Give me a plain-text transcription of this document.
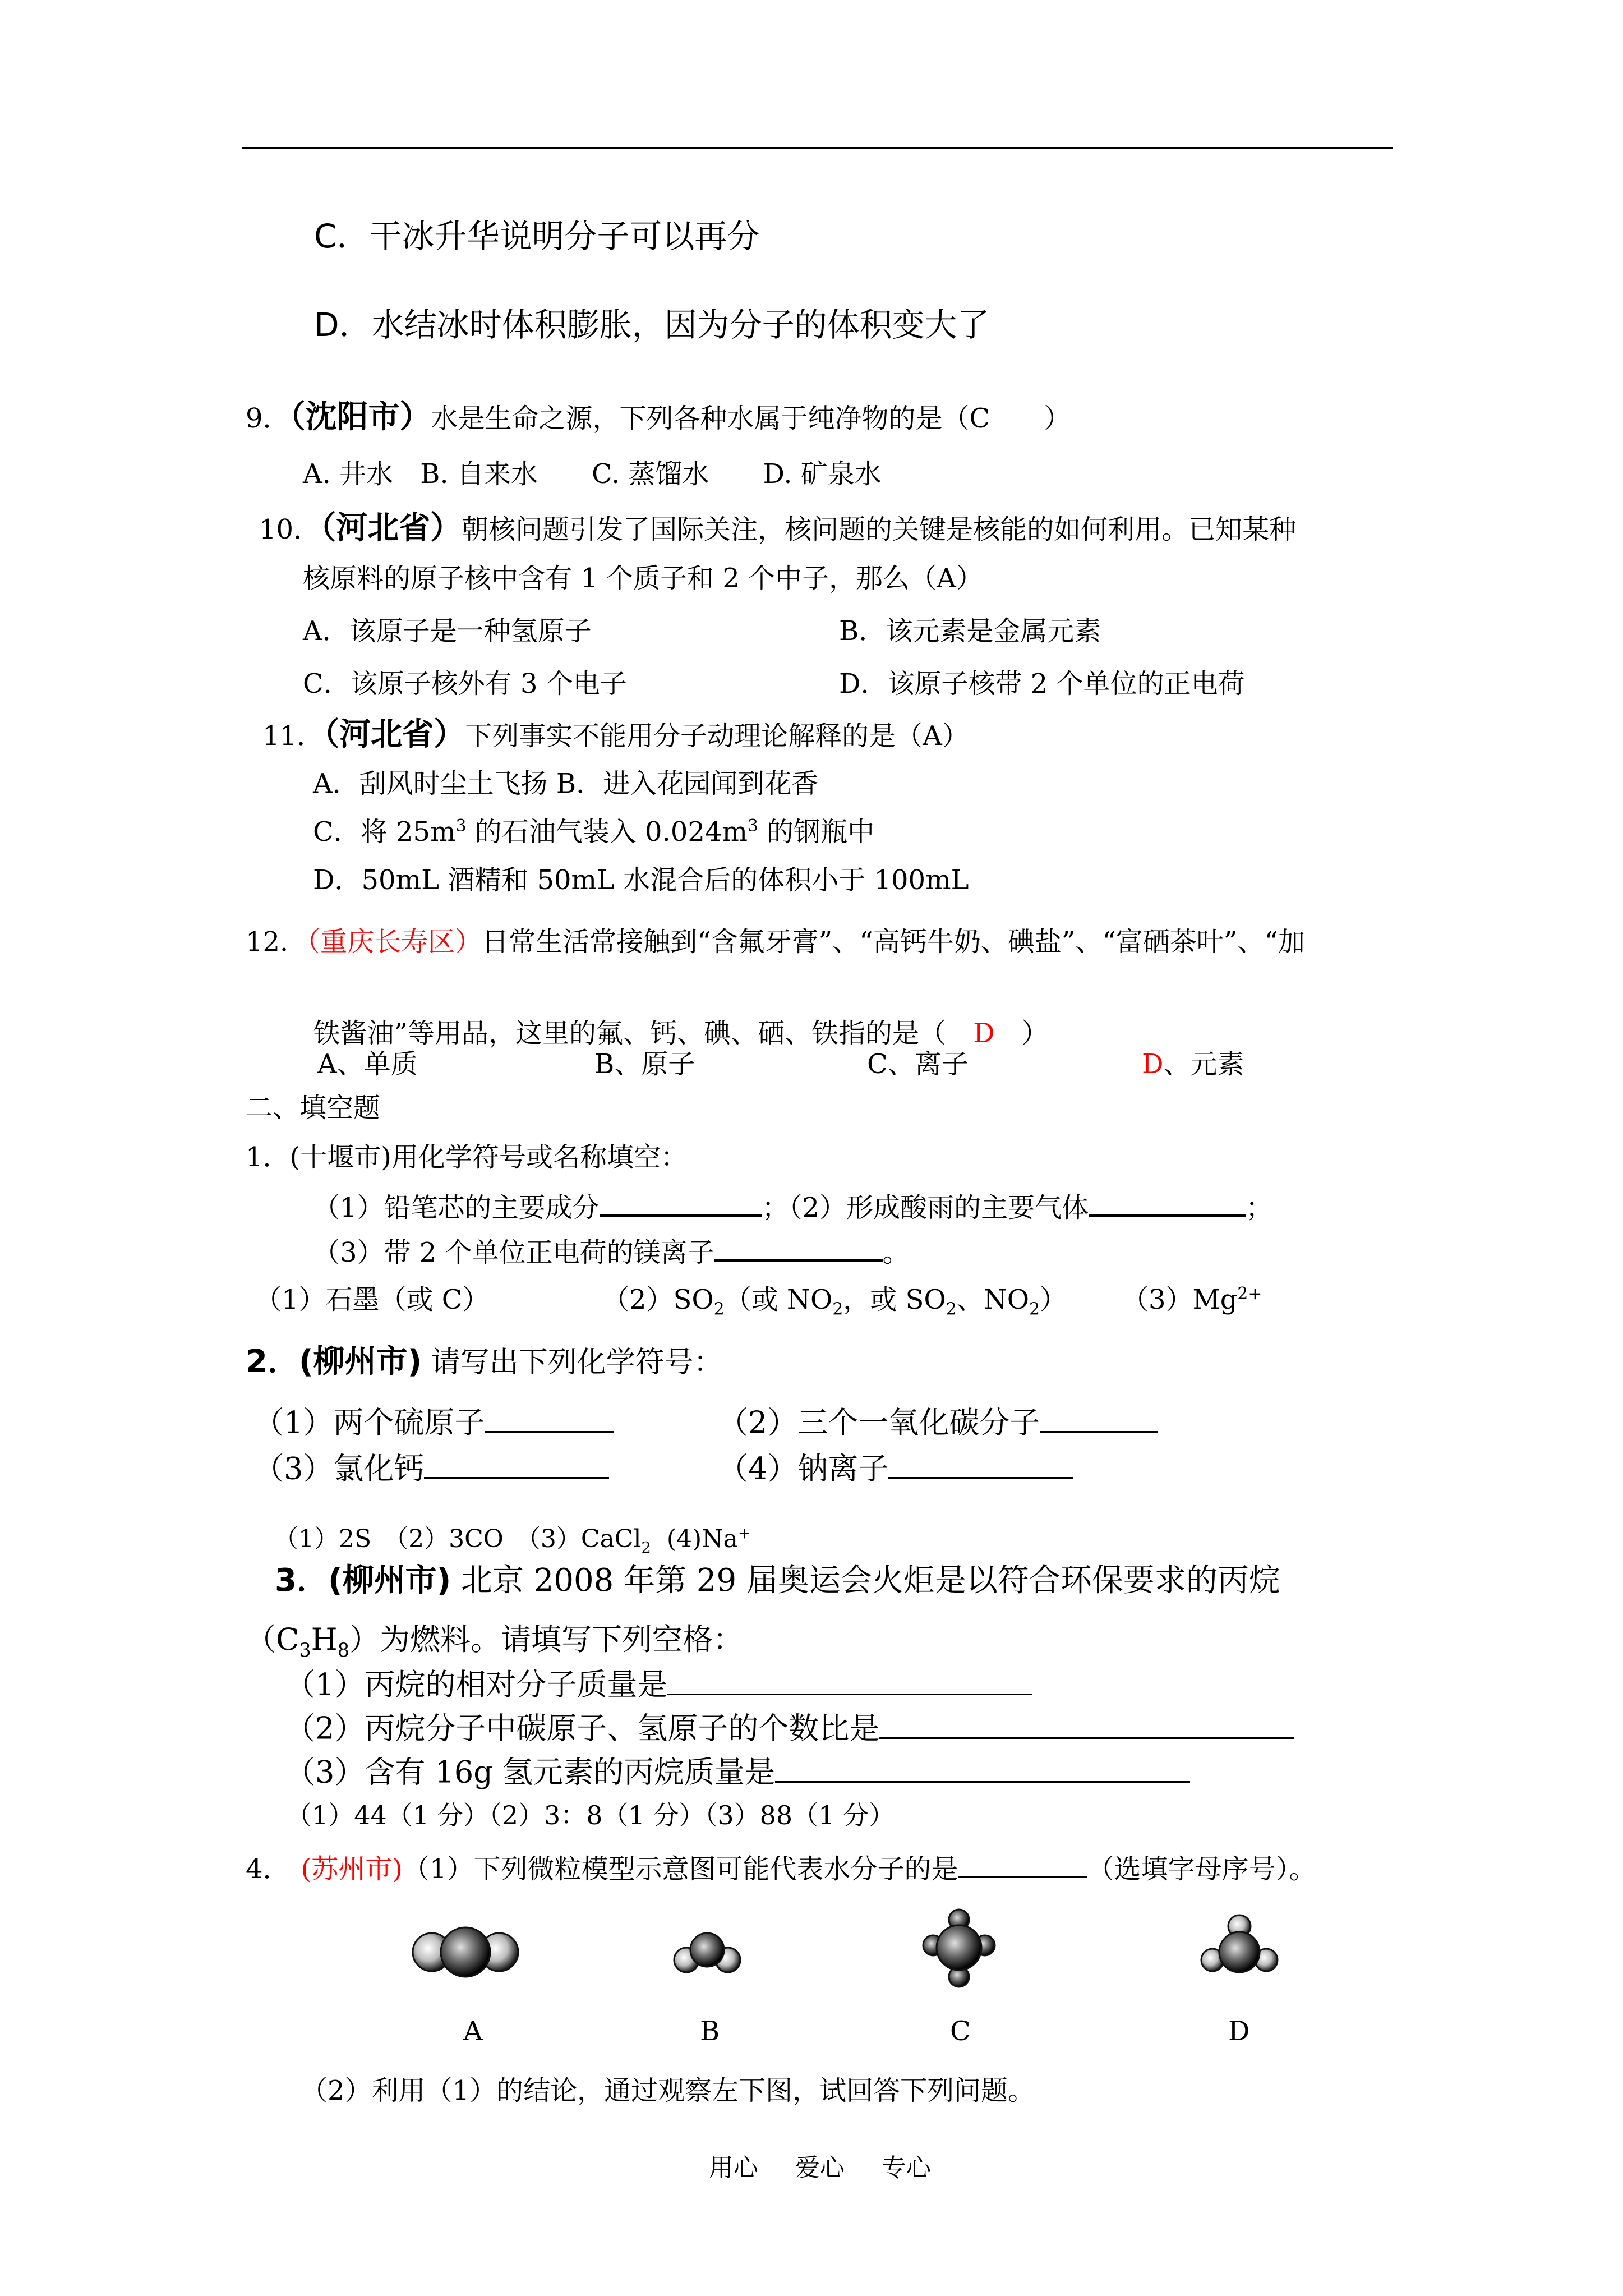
C．干冰升华说明分子可以再分
D．水结冰时体积膨胀，因为分子的体积变大了
9．（沈阳市）水是生命之源，下列各种水属于纯净物的是（C　　）
A. 井水　B. 自来水　　C. 蒸馏水　　D. 矿泉水
10．（河北省）朝核问题引发了国际关注，核问题的关键是核能的如何利用。已知某种
核原料的原子核中含有 1 个质子和 2 个中子，那么（A）
A．该原子是一种氢原子	B．该元素是金属元素
C．该原子核外有 3 个电子	D．该原子核带 2 个单位的正电荷
11．（河北省）下列事实不能用分子动理论解释的是（A）
A．刮风时尘土飞扬 B．进入花园闻到花香
C．将 $25m^3$ 的石油气装入 $0.024m^3$ 的钢瓶中
D．50mL 酒精和 50mL 水混合后的体积小于 100mL
12．（重庆长寿区）日常生活常接触到“含氟牙膏”、“高钙牛奶、碘盐”、“富硒茶叶”、“加

铁酱油”等用品，这里的氟、钙、碘、硒、铁指的是（　D　）

A、单质	B、原子	C、离子	D、元素
二、填空题
1．(十堰市)用化学符号或名称填空：
（1）铅笔芯的主要成分	；（2）形成酸雨的主要气体	；
（3）带 2 个单位正电荷的镁离子	。
（1）石墨（或 C）	$(2)SO_2$（或 $NO_2$，或 $SO_2$、$NO_2$） $(3)Mg^{2+}$
2．(柳州市) 请写出下列化学符号：
（1）两个硫原子	（2）三个一氧化碳分子
（3）氯化钙	（4）钠离子

（1）2S　（2）3CO　（3）CaCl$_2$  (4)Na+

3．(柳州市) 北京 2008 年第 29 届奥运会火炬是以符合环保要求的丙烷
$(C_3H_8)$为燃料。请填写下列空格：
（1）丙烷的相对分子质量是
（2）丙烷分子中碳原子、氢原子的个数比是
（3）含有 16g 氢元素的丙烷质量是
（1）44（1 分）（2）3：8（1 分）（3）88（1 分）
4． (苏州市)（1）下列微粒模型示意图可能代表水分子的是	（选填字母序号）。
A	B	C	D
（2）利用（1）的结论，通过观察左下图，试回答下列问题。
用心 爱心 专心
